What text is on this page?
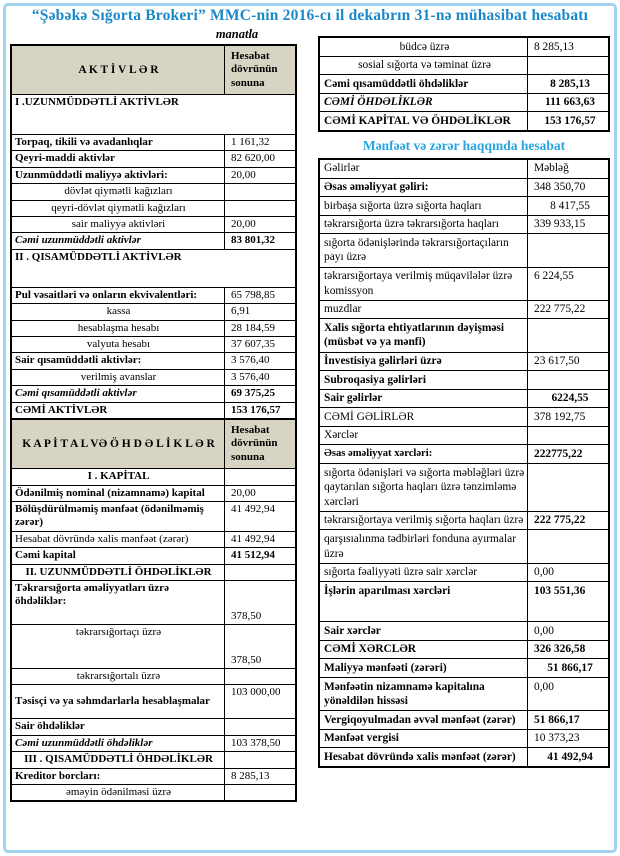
“Şəbəkə Sığorta Brokeri” MMC-nin 2016-cı il dekabrın 31-nə mühasibat hesabatı
manatla
A K T İ V L Ə R	Hesabat dövrünün sonuna
I .UZUNMÜDDƏTLİ AKTİVLƏR	
Torpaq, tikili və avadanlıqlar	1 161,32
Qeyri-maddi aktivlər	82 620,00
Uzunmüddətli maliyyə aktivləri:	20,00
dövlət qiymətli kağızları	
qeyri-dövlət qiymətli kağızları	
sair maliyyə aktivləri	20,00
Cəmi uzunmüddətli aktivlər	83 801,32
II . QISAMÜDDƏTLİ AKTİVLƏR	
Pul vəsaitləri və onların ekvivalentləri:	65 798,85
kassa	6,91
hesablaşma hesabı	28 184,59
valyuta hesabı	37 607,35
Sair qısamüddətli aktivlər:	3 576,40
verilmiş avanslar	3 576,40
Cəmi qısamüddətli aktivlər	69 375,25
CƏMİ AKTİVLƏR	153 176,57
K A P İ T A L VƏ Ö H D Ə L İ K L Ə R	Hesabat dövrünün sonuna
I . KAPİTAL	
Ödənilmiş nominal (nizamnamə) kapital	20,00
Bölüşdürülməmiş mənfəət (ödənilməmiş zərər)	41 492,94
Hesabat dövründə xalis mənfəət (zərər)	41 492,94
Cəmi kapital	41 512,94
II. UZUNMÜDDƏTLİ ÖHDƏLİKLƏR	
Təkrarsığorta əməliyyatları üzrə öhdəliklər:	378,50
təkrarsığortaçı üzrə	378,50
təkrarsığortalı üzrə	
Təsisçi və ya səhmdarlarla hesablaşmalar	103 000,00
Sair öhdəliklər	
Cəmi uzunmüddətli öhdəliklər	103 378,50
III . QISAMÜDDƏTLİ ÖHDƏLİKLƏR	
Kreditor borcları:	8 285,13
əməyin ödənilməsi üzrə	
büdcə üzrə	8 285,13
sosial sığorta və təminat üzrə	
Cəmi qısamüddətli öhdəliklər	8 285,13
CƏMİ ÖHDƏLİKLƏR	111 663,63
CƏMİ KAPİTAL VƏ ÖHDƏLİKLƏR	153 176,57
Mənfəət və zərər haqqında hesabat
Gəlirlər	Məbləğ
Əsas əməliyyat gəliri:	348 350,70
birbaşa sığorta üzrə sığorta haqları	8 417,55
təkrarsığorta üzrə təkrarsığorta haqları	339 933,15
sığorta ödənişlərində təkrarsığortaçıların payı üzrə	
təkrarsığortaya verilmiş müqavilələr üzrə komissyon	6 224,55
muzdlar	222 775,22
Xalis sığorta ehtiyatlarının dəyişməsi (müsbət və ya mənfi)	
İnvestisiya gəlirləri üzrə	23 617,50
Subroqasiya gəlirləri	
Sair gəlirlər	6224,55
CƏMİ GƏLİRLƏR	378 192,75
Xərclər	
Əsas əməliyyat xərcləri:	222775,22
sığorta ödənişləri və sığorta məbləğləri üzrə qaytarılan sığorta haqları üzrə tənzimləmə xərcləri	
təkrarsığortaya verilmiş sığorta haqları üzrə	222 775,22
qarşısıalınma tədbirləri fonduna ayırmalar üzrə	
sığorta fəaliyyəti üzrə sair xərclər	0,00
İşlərin aparılması xərcləri	103 551,36
Sair xərclər	0,00
CƏMİ XƏRCLƏR	326 326,58
Maliyyə mənfəəti (zərəri)	51 866,17
Mənfəətin nizamnamə kapitalına yönəldilən hissəsi	0,00
Vergiqoyulmadan əvvəl mənfəət (zərər)	51 866,17
Mənfəət vergisi	10 373,23
Hesabat dövründə xalis mənfəət (zərər)	41 492,94
